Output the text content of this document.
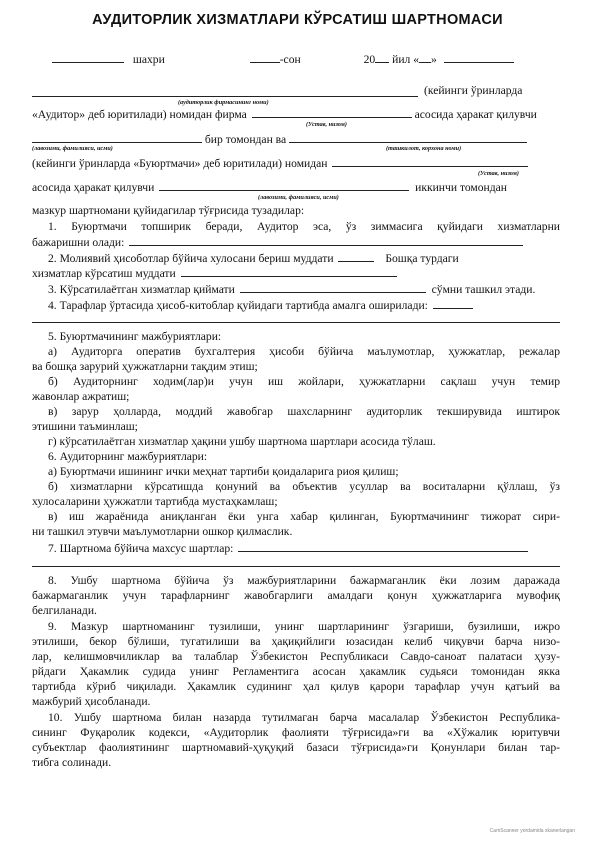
АУДИТОРЛИК ХИЗМАТЛАРИ КЎРСАТИШ ШАРТНОМАСИ
шахри	-сон	20 йил « »
(кейинги ўринларда
(аудиторлик фирмасининг номи)
«Аудитор» деб юритилади) номидан фирма	асосида ҳаракат қилувчи
(Устав, низом)
бир томондан ва
(лавозими, фамилияси, исми)	(ташкилот, корхона номи)
(кейинги ўринларда «Буюртмачи» деб юритилади) номидан
(Устав, низом)
асосида ҳаракат қилувчи	иккинчи томондан
(лавозими, фамилияси, исми)
мазкур шартномани қуйидагилар тўғрисида тузадилар:
1. Буюртмачи топширик беради, Аудитор эса, ўз зиммасига қуйидаги хизматларни
бажаришни олади:
2. Молиявий ҳисоботлар бўйича хулосани бериш муддати	Бошқа турдаги
хизматлар кўрсатиш муддати
3. Кўрсатилаётган хизматлар қиймати	сўмни ташкил этади.
4. Тарафлар ўртасида ҳисоб-китоблар қуйидаги тартибда амалга оширилади:
5. Буюртмачининг мажбуриятлари:
а) Аудиторга оператив бухгалтерия ҳисоби бўйича маълумотлар, ҳужжатлар, режалар
ва бошқа зарурий ҳужжатларни тақдим этиш;
б) Аудиторнинг ходим(лар)и учун иш жойлари, ҳужжатларни сақлаш учун темир
жавонлар ажратиш;
в) зарур ҳолларда, моддий жавобгар шахсларнинг аудиторлик текширувида иштирок
этишини таъминлаш;
г) кўрсатилаётган хизматлар ҳақини ушбу шартнома шартлари асосида тўлаш.
6. Аудиторнинг мажбуриятлари:
а) Буюртмачи ишининг ички меҳнат тартиби қоидаларига риоя қилиш;
б) хизматларни кўрсатишда қонуний ва объектив усуллар ва воситаларни қўллаш, ўз
хулосаларини ҳужжатли тартибда мустаҳкамлаш;
в) иш жараёнида аниқланган ёки унга хабар қилинган, Буюртмачининг тижорат сири-
ни ташкил этувчи маълумотларни ошкор қилмаслик.
7. Шартнома бўйича махсус шартлар:
8. Ушбу шартнома бўйича ўз мажбуриятларини бажармаганлик ёки лозим даражада
бажармаганлик учун тарафларнинг жавобгарлиги амалдаги қонун ҳужжатларига мувофиқ
белгиланади.
9. Мазкур шартноманинг тузилиши, унинг шартларининг ўзгариши, бузилиши, ижро
этилиши, бекор бўлиши, тугатилиши ва ҳақиқийлиги юзасидан келиб чиқувчи барча низо-
лар, келишмовчиликлар ва талаблар Ўзбекистон Республикаси Савдо-саноат палатаси ҳузу-
рйдаги Ҳакамлик судида унинг Регламентига асосан ҳакамлик судьяси томонидан якка
тартибда кўриб чиқилади. Ҳакамлик судининг ҳал қилув қарори тарафлар учун қатъий ва
мажбурий ҳисобланади.
10. Ушбу шартнома билан назарда тутилмаган барча масалалар Ўзбекистон Республика-
сининг Фуқаролик кодекси, «Аудиторлик фаолияти тўғрисида»ги ва «Хўжалик юритувчи
субъектлар фаолиятининг шартномавий-ҳуқуқий базаси тўғрисида»ги Қонунлари билан тар-
тибга солинади.
CamScanner yordamida skanerlangan
